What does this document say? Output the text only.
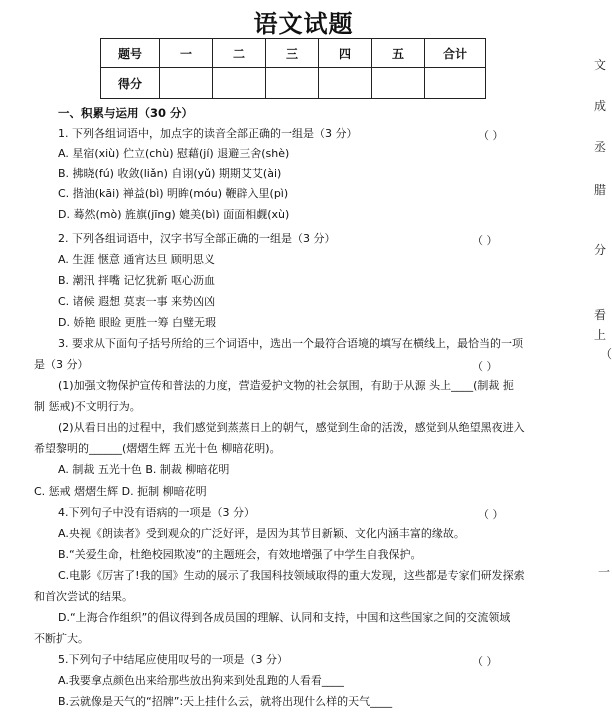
语文试题
题号	一	二	三	四	五	合计
得分						
一、积累与运用（30 分）
1. 下列各组词语中，加点字的读音全部正确的一组是（3 分）	（ ）
A. 星宿(xiù) 伫立(chù) 慰藉(jí) 退避三舍(shè)
B. 拂晓(fú) 收敛(liǎn) 自诩(yǔ) 期期艾艾(ài)
C. 揩油(kāi) 禅益(bì) 明眸(móu) 鞭辟入里(pì)
D. 蓦然(mò) 旌旗(jīng) 媲美(bì) 面面相觑(xù)
2. 下列各组词语中，汉字书写全部正确的一组是（3 分）	（ ）
A. 生涯 惬意 通宵达旦 顾明思义
B. 潮汛 拌嘴 记忆犹新 呕心沥血
C. 诸候 遐想 莫衷一事 来势凶凶
D. 娇艳 眼睑 更胜一筹 白璧无瑕
3. 要求从下面句子括号所给的三个词语中，选出一个最符合语境的填写在横线上，最恰当的一项
是（3 分）	（ ）
(1)加强文物保护宣传和普法的力度，营造爱护文物的社会氛围，有助于从源 头上____(制裁 扼
制 惩戒)不文明行为。
(2)从看日出的过程中，我们感觉到蒸蒸日上的朝气，感觉到生命的活泼，感觉到从绝望黑夜进入
希望黎明的______(熠熠生辉 五光十色 柳暗花明)。
A. 制裁 五光十色 B. 制裁 柳暗花明
C. 惩戒 熠熠生辉 D. 扼制 柳暗花明
4.下列句子中没有语病的一项是（3 分）	（ ）
A.央视《朗读者》受到观众的广泛好评，是因为其节目新颖、文化内涵丰富的缘故。
B.“关爱生命，杜绝校园欺凌”的主题班会，有效地增强了中学生自我保护。
C.电影《厉害了!我的国》生动的展示了我国科技领域取得的重大发现，这些都是专家们研发探索
和首次尝试的结果。
D.“上海合作组织”的倡议得到各成员国的理解、认同和支持，中国和这些国家之间的交流领域
不断扩大。
5.下列句子中结尾应使用叹号的一项是（3 分）	（ ）
A.我要拿点颜色出来给那些放出狗来到处乱跑的人看看____
B.云就像是天气的“招牌”:天上挂什么云，就将出现什么样的天气____
文
成
丞
腊
分
看
上
（
一
